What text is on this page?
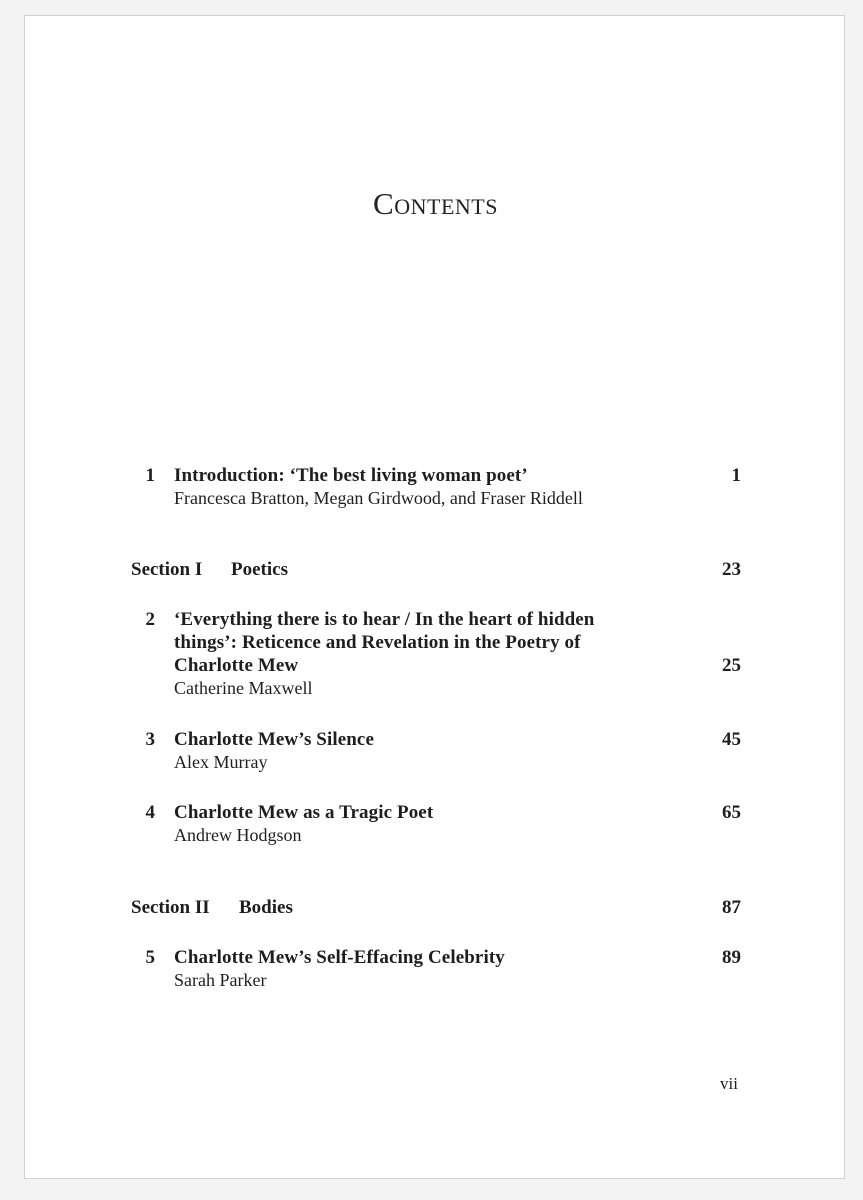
Contents
1 Introduction: ‘The best living woman poet’
Francesca Bratton, Megan Girdwood, and Fraser Riddell
1
Section I Poetics	23
2 ‘Everything there is to hear / In the heart of hidden
things’: Reticence and Revelation in the Poetry of
Charlotte Mew
Catherine Maxwell
25
3 Charlotte Mew’s Silence
Alex Murray
45
4 Charlotte Mew as a Tragic Poet
Andrew Hodgson
65
Section II Bodies	87
5 Charlotte Mew’s Self-Effacing Celebrity
Sarah Parker
89
vii
